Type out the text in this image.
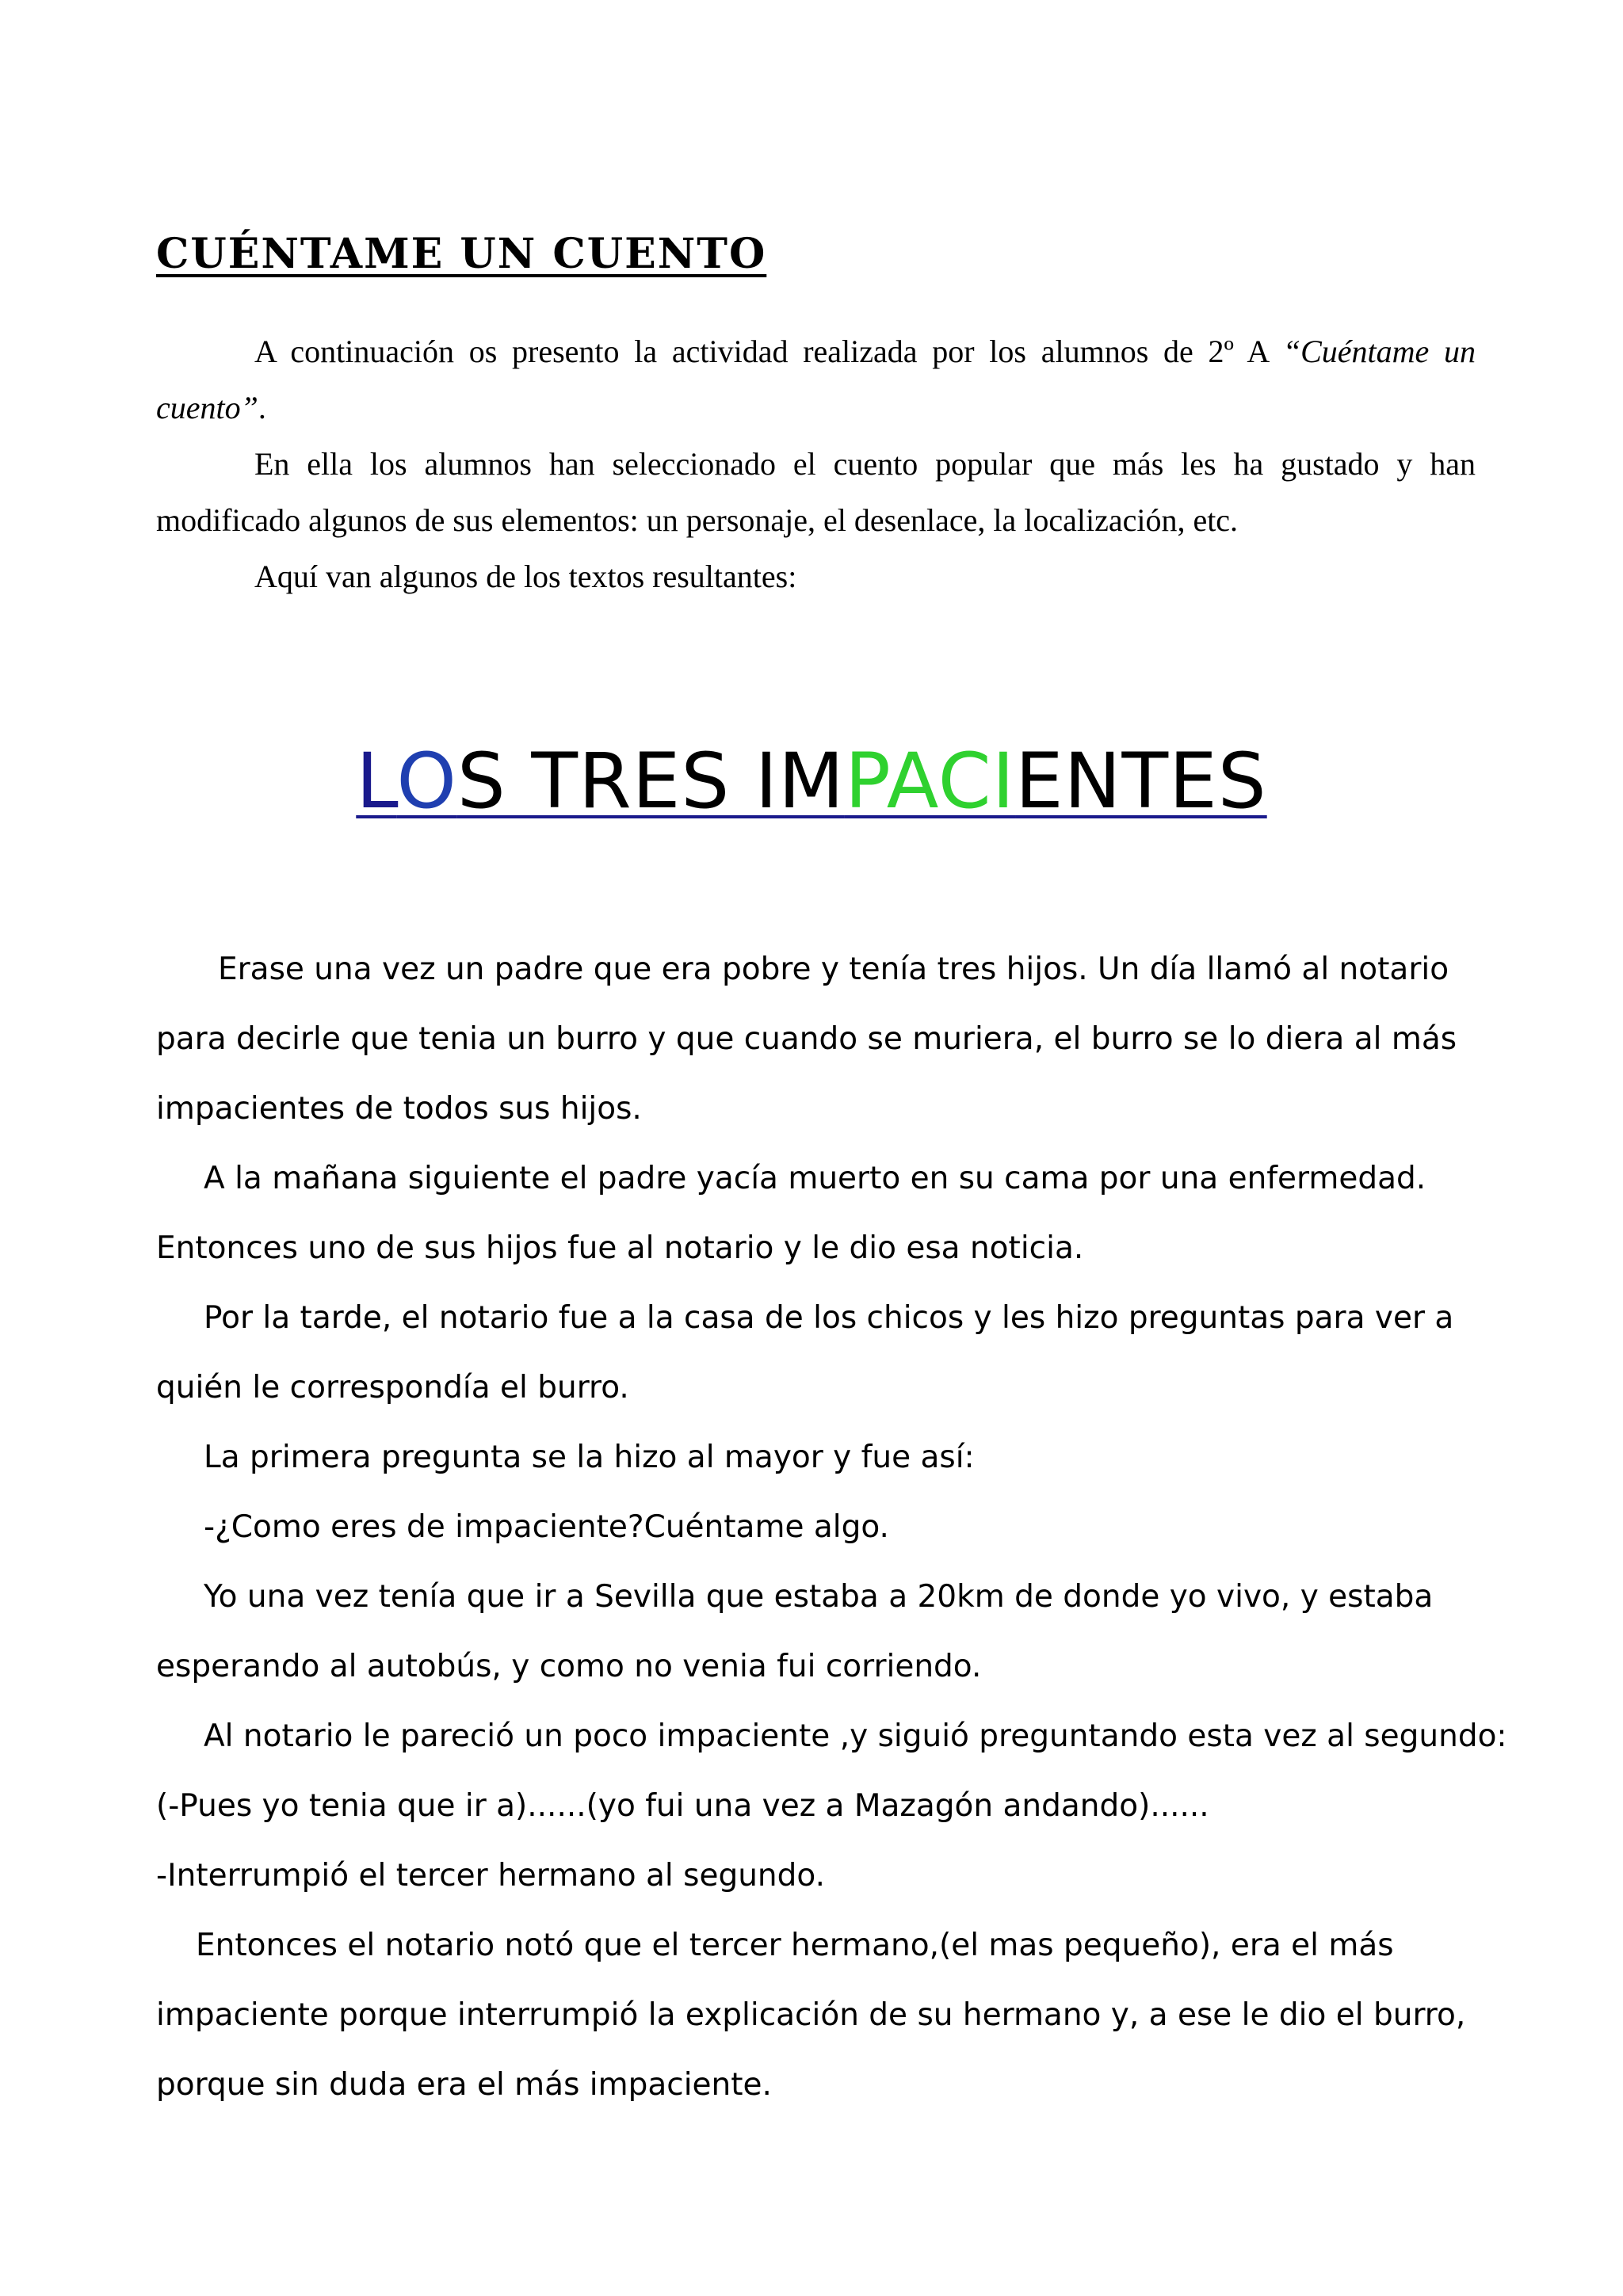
CUÉNTAME UN CUENTO

A continuación os presento la actividad realizada por los alumnos de 2º A “Cuéntame un cuento”.

En ella los alumnos han seleccionado el cuento popular que más les ha gustado y han modificado algunos de sus elementos: un personaje, el desenlace, la localización, etc.

Aquí van algunos de los textos resultantes:

LOS TRES IMPACIENTES

Erase una vez un padre que era pobre y tenía tres hijos. Un día llamó al notario

para decirle que tenia un burro y que cuando se muriera, el burro se lo diera al más

impacientes de todos sus hijos.

A la mañana siguiente el padre yacía muerto en su cama por una enfermedad.

Entonces uno de sus hijos fue al notario y le dio esa noticia.

Por la tarde, el notario fue a la casa de los chicos y les hizo preguntas para ver a

quién le correspondía el burro.

La primera pregunta se la hizo al mayor y fue así:

-¿Como eres de impaciente?Cuéntame algo.

Yo una vez tenía que ir a Sevilla que estaba a 20km de donde yo vivo, y estaba

esperando al autobús, y como no venia fui corriendo.

Al notario le pareció un poco impaciente ,y siguió preguntando esta vez al segundo:

(-Pues yo tenia que ir a)......(yo fui una vez a Mazagón andando)......

-Interrumpió el tercer hermano al segundo.

Entonces el notario notó que el tercer hermano,(el mas pequeño), era el más

impaciente porque interrumpió la explicación de su hermano y, a ese le dio el burro,

porque sin duda era el más impaciente.
